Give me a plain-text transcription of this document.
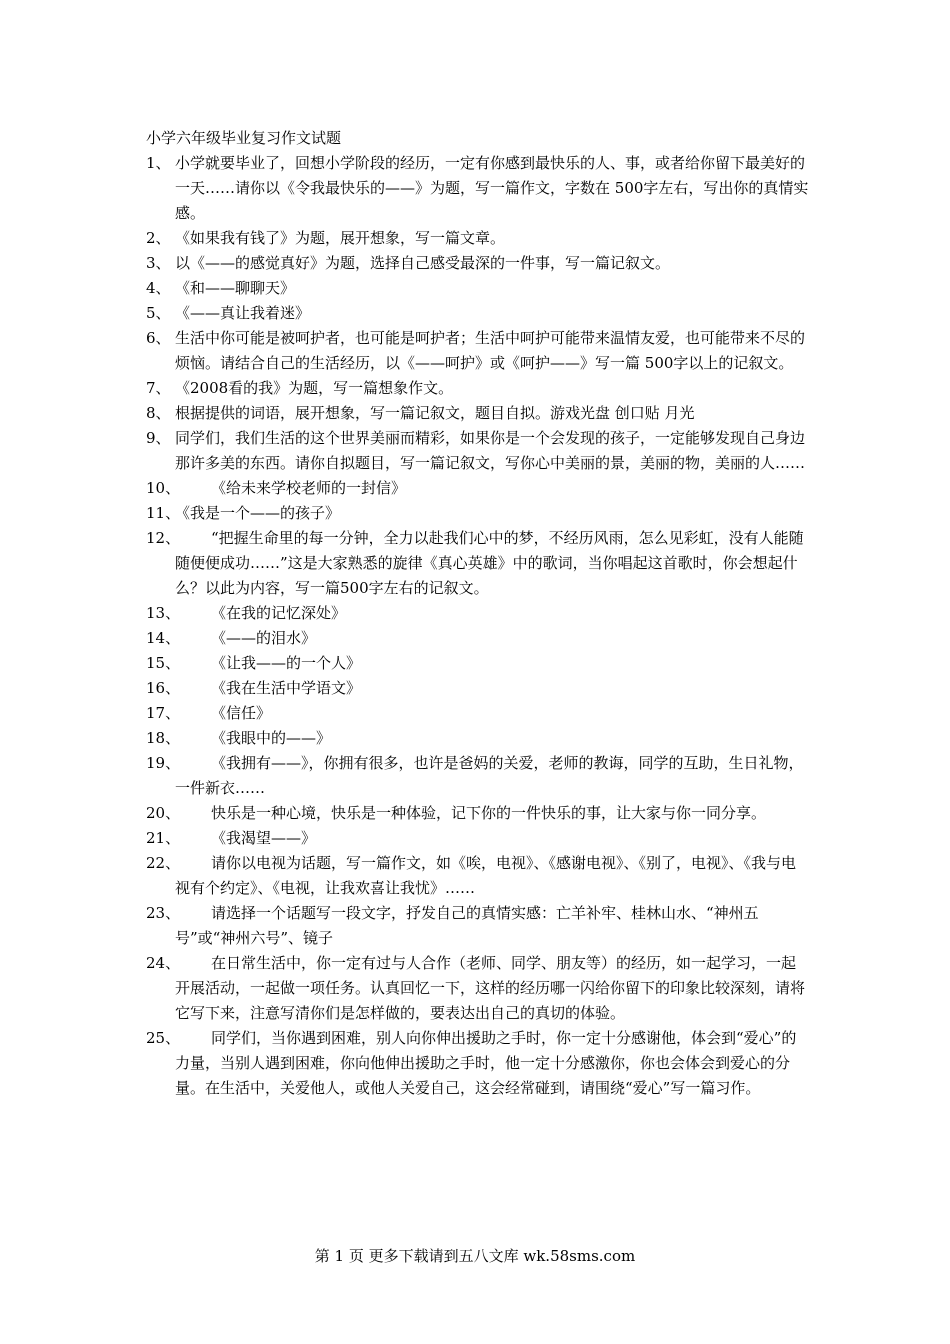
小学六年级毕业复习作文试题
1、 小学就要毕业了，回想小学阶段的经历，一定有你感到最快乐的人、事，或者给你留下最美好的一天……请你以《令我最快乐的——》为题，写一篇作文，字数在 500字左右，写出你的真情实感。
2、 《如果我有钱了》为题，展开想象，写一篇文章。
3、 以《——的感觉真好》为题，选择自己感受最深的一件事，写一篇记叙文。
4、 《和——聊聊天》
5、 《——真让我着迷》
6、 生活中你可能是被呵护者，也可能是呵护者；生活中呵护可能带来温情友爱，也可能带来不尽的烦恼。请结合自己的生活经历，以《——呵护》或《呵护——》写一篇 500字以上的记叙文。
7、 《2008看的我》为题，写一篇想象作文。
8、 根据提供的词语，展开想象，写一篇记叙文，题目自拟。游戏光盘 创口贴 月光
9、 同学们，我们生活的这个世界美丽而精彩，如果你是一个会发现的孩子，一定能够发现自己身边那许多美的东西。请你自拟题目，写一篇记叙文，写你心中美丽的景，美丽的物，美丽的人……
10、	《给未来学校老师的一封信》
11、
《我是一个——的孩子》
12、	“把握生命里的每一分钟，全力以赴我们心中的梦，不经历风雨，怎么见彩虹，没有人能随随便便成功……”这是大家熟悉的旋律《真心英雄》中的歌词，当你唱起这首歌时，你会想起什么？以此为内容，写一篇500字左右的记叙文。
13、	《在我的记忆深处》
14、	《——的泪水》
15、	《让我——的一个人》
16、	《我在生活中学语文》
17、	《信任》
18、	《我眼中的——》
19、	《我拥有——》，你拥有很多，也许是爸妈的关爱，老师的教诲，同学的互助，生日礼物，一件新衣……
20、	快乐是一种心境，快乐是一种体验，记下你的一件快乐的事，让大家与你一同分享。
21、	《我渴望——》
22、	请你以电视为话题，写一篇作文，如《唉，电视》、《感谢电视》、《别了，电视》、《我与电视有个约定》、《电视，让我欢喜让我忧》……
23、	请选择一个话题写一段文字，抒发自己的真情实感：亡羊补牢、桂林山水、“神州五号”或“神州六号”、镜子
24、	在日常生活中，你一定有过与人合作（老师、同学、朋友等）的经历，如一起学习，一起开展活动，一起做一项任务。认真回忆一下，这样的经历哪一闪给你留下的印象比较深刻，请将它写下来，注意写清你们是怎样做的，要表达出自己的真切的体验。
25、	同学们，当你遇到困难，别人向你伸出援助之手时，你一定十分感谢他，体会到“爱心”的力量，当别人遇到困难，你向他伸出援助之手时，他一定十分感激你，你也会体会到爱心的分量。在生活中，关爱他人，或他人关爱自己，这会经常碰到，请围绕“爱心”写一篇习作。
第 1 页 更多下载请到五八文库 wk.58sms.com
